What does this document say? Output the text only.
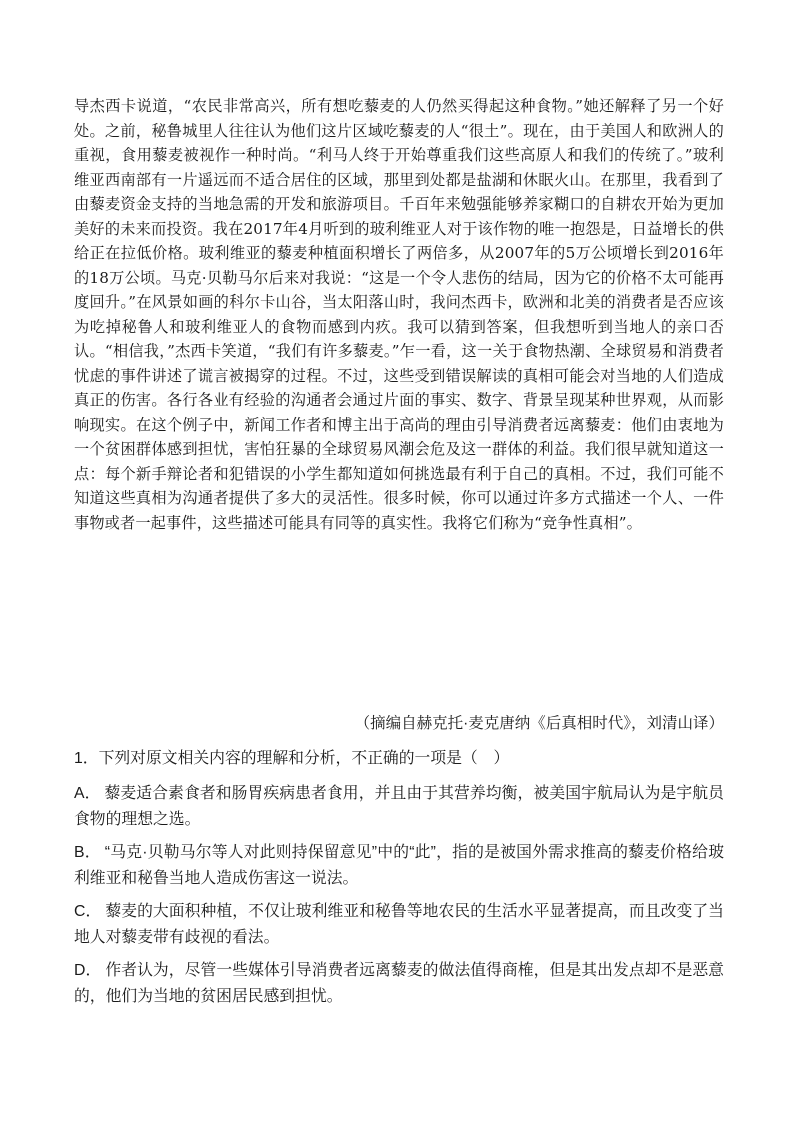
导杰西卡说道，“农民非常高兴，所有想吃藜麦的人仍然买得起这种食物。”她还解释了另一个好处。之前，秘鲁城里人往往认为他们这片区域吃藜麦的人“很土”。现在，由于美国人和欧洲人的重视，食用藜麦被视作一种时尚。“利马人终于开始尊重我们这些高原人和我们的传统了。”玻利维亚西南部有一片遥远而不适合居住的区域，那里到处都是盐湖和休眠火山。在那里，我看到了由藜麦资金支持的当地急需的开发和旅游项目。千百年来勉强能够养家糊口的自耕农开始为更加美好的未来而投资。我在2017年4月听到的玻利维亚人对于该作物的唯一抱怨是，日益增长的供给正在拉低价格。玻利维亚的藜麦种植面积增长了两倍多，从2007年的5万公顷增长到2016年的18万公顷。马克·贝勒马尔后来对我说：“这是一个令人悲伤的结局，因为它的价格不太可能再度回升。”在风景如画的科尔卡山谷，当太阳落山时，我问杰西卡，欧洲和北美的消费者是否应该为吃掉秘鲁人和玻利维亚人的食物而感到内疚。我可以猜到答案，但我想听到当地人的亲口否认。“相信我，”杰西卡笑道，“我们有许多藜麦。”乍一看，这一关于食物热潮、全球贸易和消费者忧虑的事件讲述了谎言被揭穿的过程。不过，这些受到错误解读的真相可能会对当地的人们造成真正的伤害。各行各业有经验的沟通者会通过片面的事实、数字、背景呈现某种世界观，从而影响现实。在这个例子中，新闻工作者和博主出于高尚的理由引导消费者远离藜麦：他们由衷地为一个贫困群体感到担忧，害怕狂暴的全球贸易风潮会危及这一群体的利益。我们很早就知道这一点：每个新手辩论者和犯错误的小学生都知道如何挑选最有利于自己的真相。不过，我们可能不知道这些真相为沟通者提供了多大的灵活性。很多时候，你可以通过许多方式描述一个人、一件事物或者一起事件，这些描述可能具有同等的真实性。我将它们称为“竞争性真相”。
（摘编自赫克托·麦克唐纳《后真相时代》，刘清山译）
1．下列对原文相关内容的理解和分析，不正确的一项是（　）
A． 藜麦适合素食者和肠胃疾病患者食用，并且由于其营养均衡，被美国宇航局认为是宇航员食物的理想之选。
B． “马克·贝勒马尔等人对此则持保留意见”中的“此”，指的是被国外需求推高的藜麦价格给玻利维亚和秘鲁当地人造成伤害这一说法。
C． 藜麦的大面积种植，不仅让玻利维亚和秘鲁等地农民的生活水平显著提高，而且改变了当地人对藜麦带有歧视的看法。
D． 作者认为，尽管一些媒体引导消费者远离藜麦的做法值得商榷，但是其出发点却不是恶意的，他们为当地的贫困居民感到担忧。
